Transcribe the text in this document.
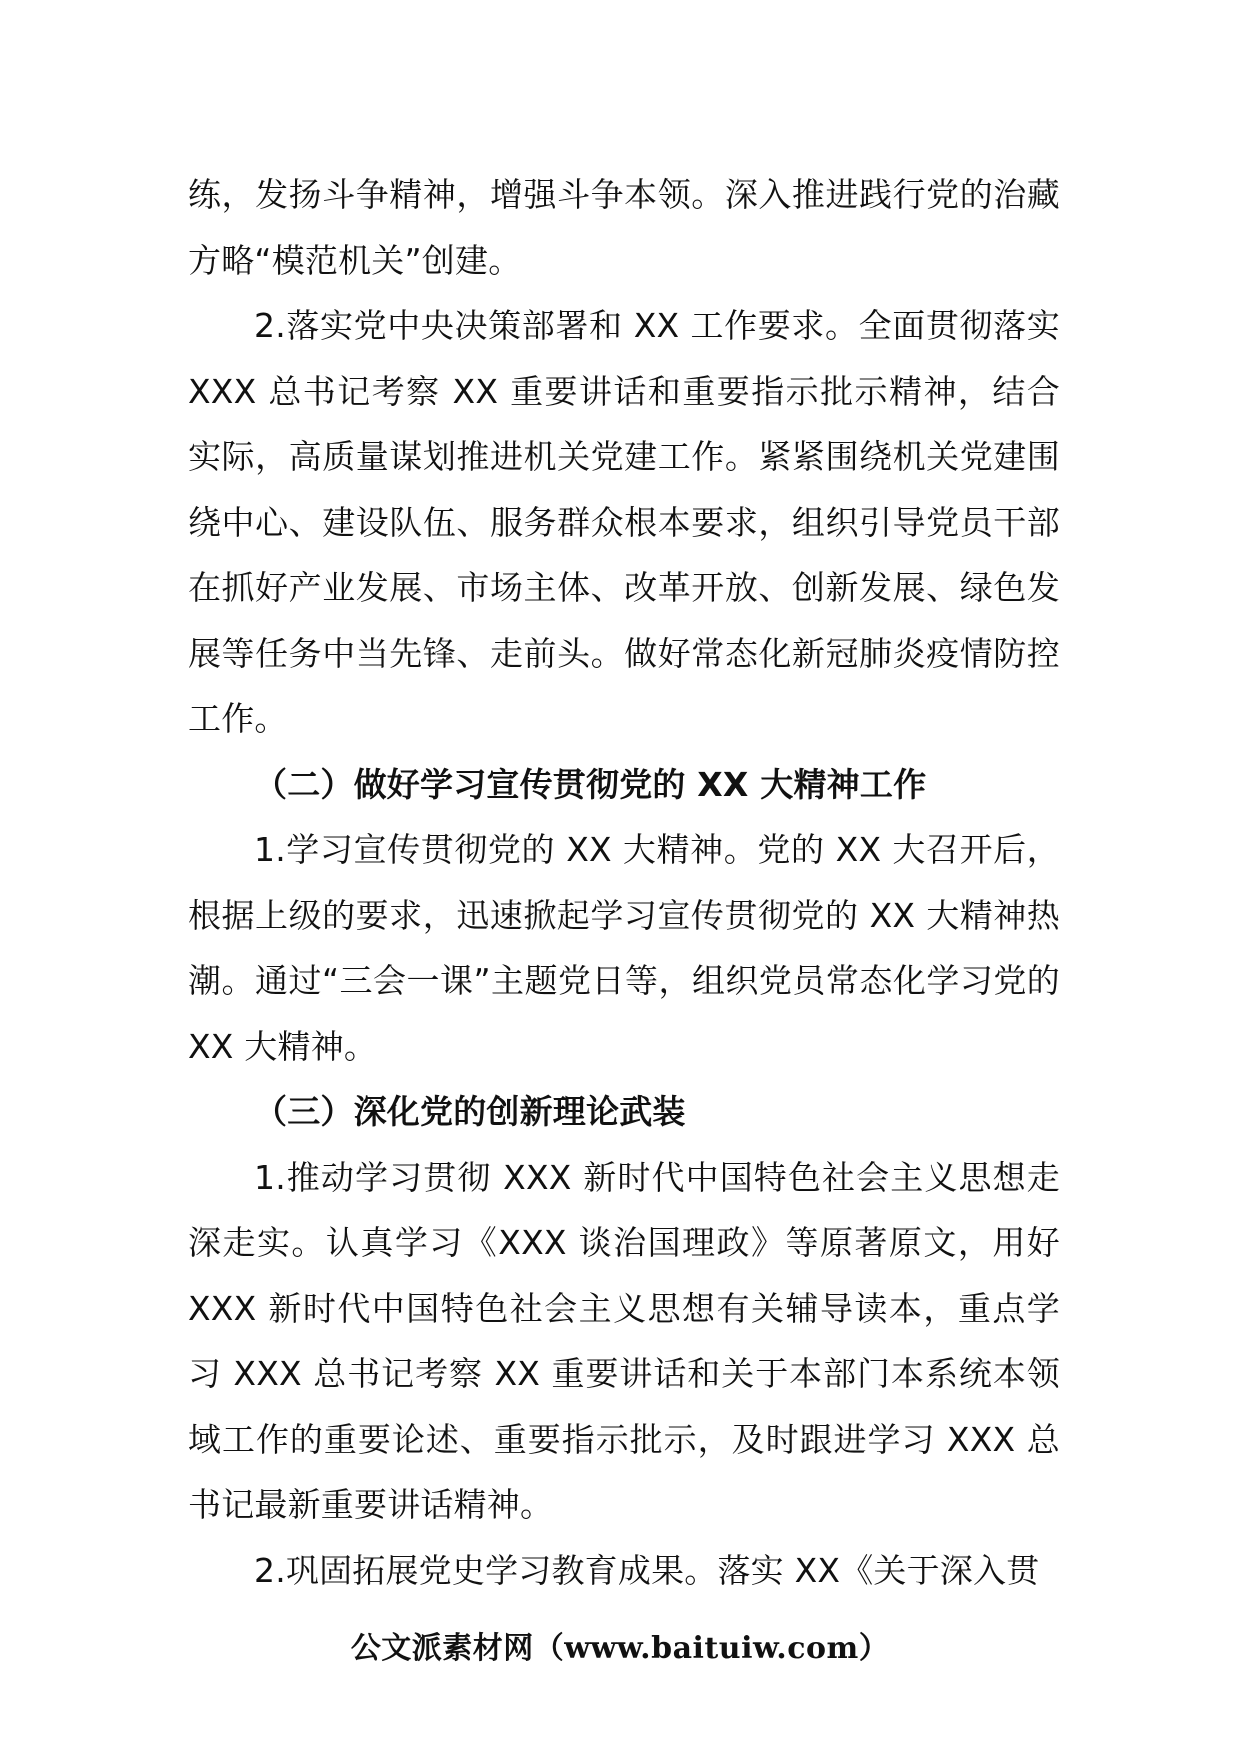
练，发扬斗争精神，增强斗争本领。深入推进践行党的治藏方略“模范机关”创建。

2.落实党中央决策部署和 XX 工作要求。全面贯彻落实 XXX 总书记考察 XX 重要讲话和重要指示批示精神，结合实际，高质量谋划推进机关党建工作。紧紧围绕机关党建围绕中心、建设队伍、服务群众根本要求，组织引导党员干部在抓好产业发展、市场主体、改革开放、创新发展、绿色发展等任务中当先锋、走前头。做好常态化新冠肺炎疫情防控工作。

（二）做好学习宣传贯彻党的 XX 大精神工作

1.学习宣传贯彻党的 XX 大精神。党的 XX 大召开后，根据上级的要求，迅速掀起学习宣传贯彻党的 XX 大精神热潮。通过“三会一课”主题党日等，组织党员常态化学习党的 XX 大精神。

（三）深化党的创新理论武装

1.推动学习贯彻 XXX 新时代中国特色社会主义思想走深走实。认真学习《XXX 谈治国理政》等原著原文，用好 XXX 新时代中国特色社会主义思想有关辅导读本，重点学习 XXX 总书记考察 XX 重要讲话和关于本部门本系统本领域工作的重要论述、重要指示批示，及时跟进学习 XXX 总书记最新重要讲话精神。

2.巩固拓展党史学习教育成果。落实 XX《关于深入贯

公文派素材网（www.baituiw.com）
